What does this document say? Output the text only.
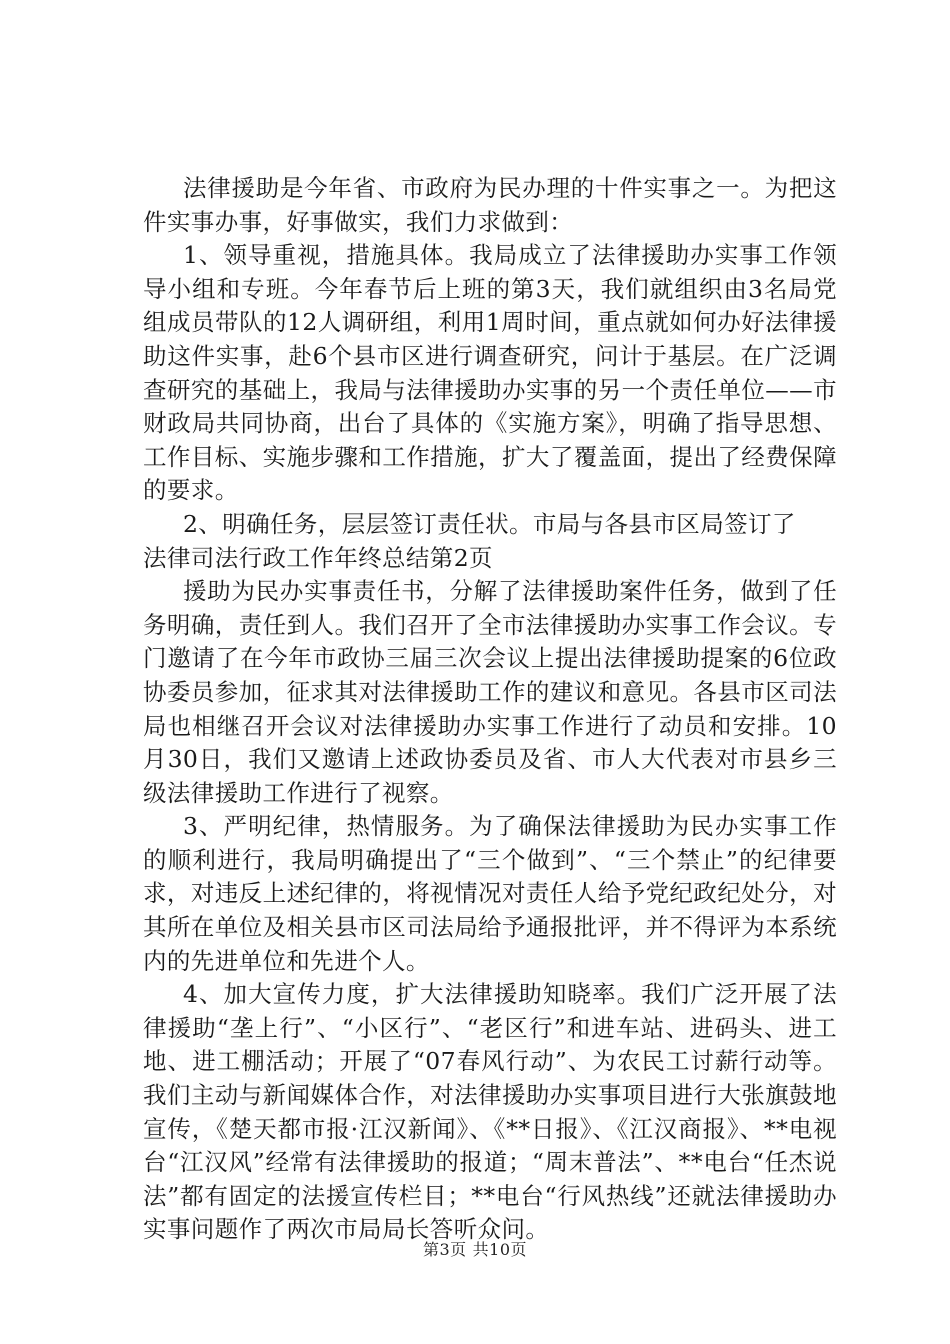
法律援助是今年省、市政府为民办理的十件实事之一。为把这件实事办事，好事做实，我们力求做到：

1、领导重视，措施具体。我局成立了法律援助办实事工作领导小组和专班。今年春节后上班的第3天，我们就组织由3名局党组成员带队的12人调研组，利用1周时间，重点就如何办好法律援助这件实事，赴6个县市区进行调查研究，问计于基层。在广泛调查研究的基础上，我局与法律援助办实事的另一个责任单位——市财政局共同协商，出台了具体的《实施方案》，明确了指导思想、工作目标、实施步骤和工作措施，扩大了覆盖面，提出了经费保障的要求。

2、明确任务，层层签订责任状。市局与各县市区局签订了

法律司法行政工作年终总结第2页

援助为民办实事责任书，分解了法律援助案件任务，做到了任务明确，责任到人。我们召开了全市法律援助办实事工作会议。专门邀请了在今年市政协三届三次会议上提出法律援助提案的6位政协委员参加，征求其对法律援助工作的建议和意见。各县市区司法局也相继召开会议对法律援助办实事工作进行了动员和安排。10月30日，我们又邀请上述政协委员及省、市人大代表对市县乡三级法律援助工作进行了视察。

3、严明纪律，热情服务。为了确保法律援助为民办实事工作的顺利进行，我局明确提出了“三个做到”、“三个禁止”的纪律要求，对违反上述纪律的，将视情况对责任人给予党纪政纪处分，对其所在单位及相关县市区司法局给予通报批评，并不得评为本系统内的先进单位和先进个人。

4、加大宣传力度，扩大法律援助知晓率。我们广泛开展了法律援助“垄上行”、“小区行”、“老区行”和进车站、进码头、进工地、进工棚活动；开展了“07春风行动”、为农民工讨薪行动等。我们主动与新闻媒体合作，对法律援助办实事项目进行大张旗鼓地宣传，《楚天都市报·江汉新闻》、《**日报》、《江汉商报》、**电视台“江汉风”经常有法律援助的报道；“周末普法”、**电台“任杰说法”都有固定的法援宣传栏目；**电台“行风热线”还就法律援助办实事问题作了两次市局局长答听众问。

第3页 共10页
